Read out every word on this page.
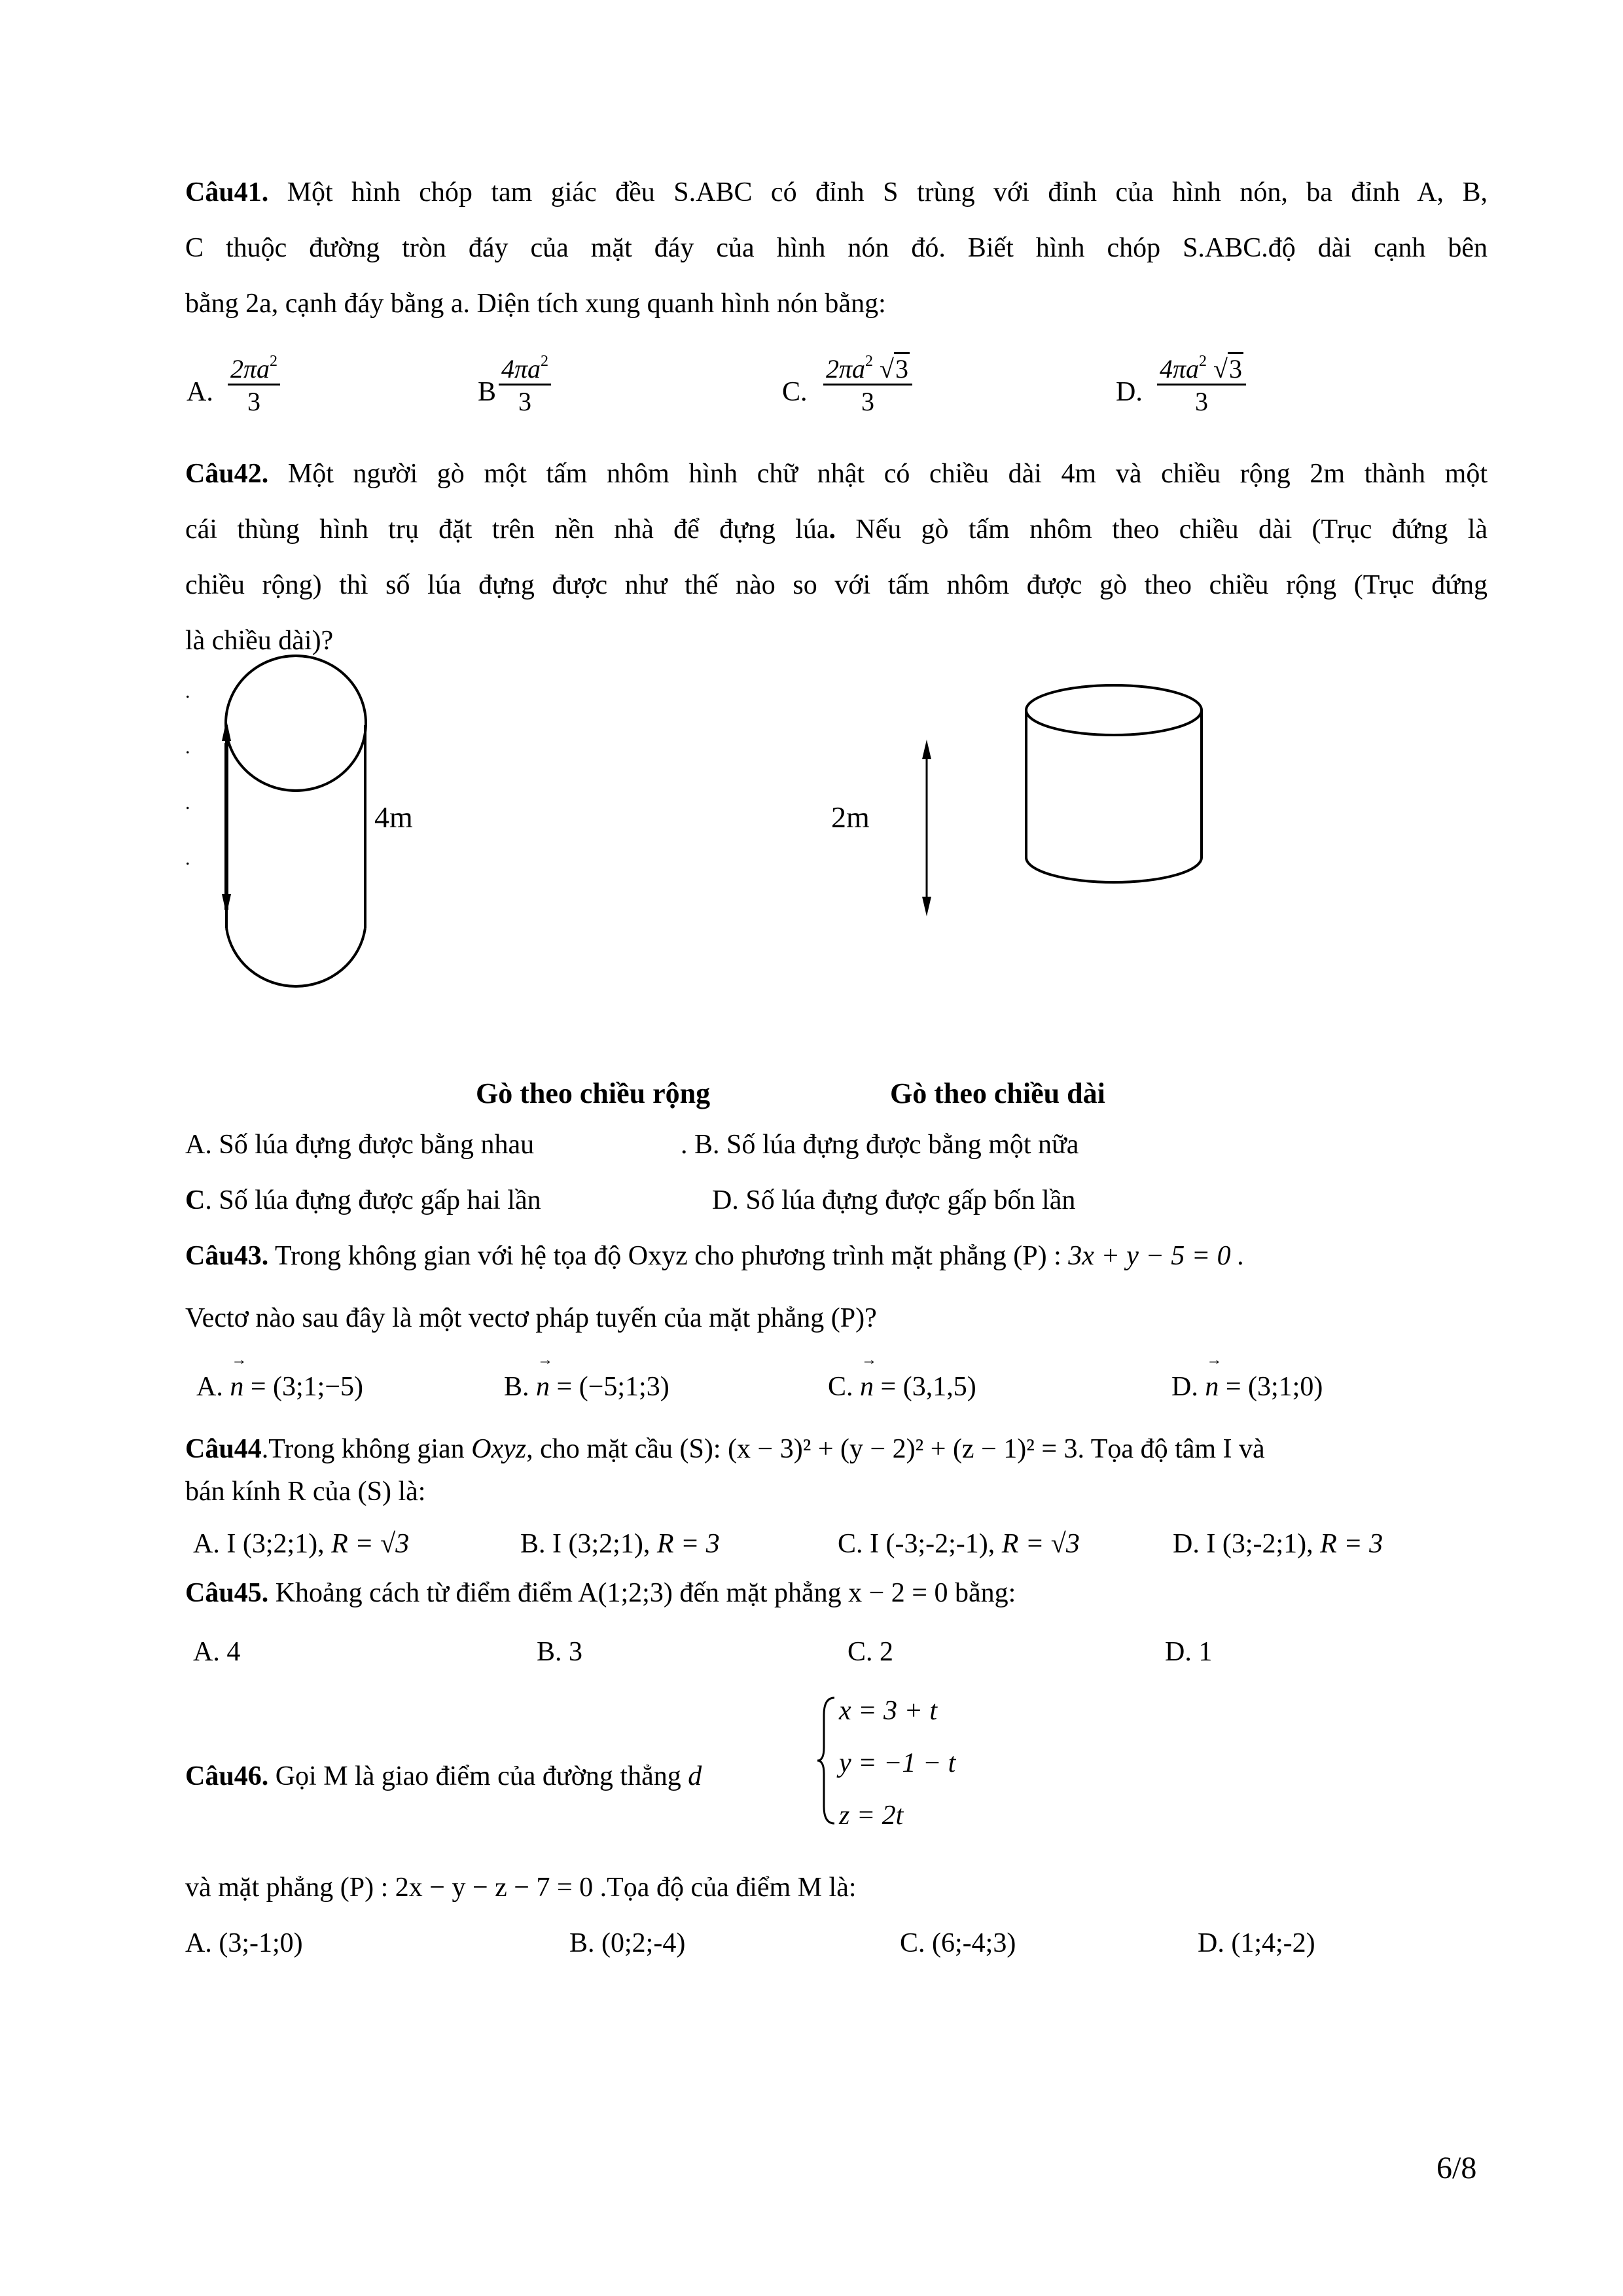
Câu41. Một hình chóp tam giác đều S.ABC có đỉnh S trùng với đỉnh của hình nón, ba đỉnh A, B,
C thuộc đường tròn đáy của mặt đáy của hình nón đó. Biết hình chóp S.ABC.độ dài cạnh bên
bằng 2a, cạnh đáy bằng a. Diện tích xung quanh hình nón bằng:
A.
$2\pi a^2$
3	B
$4\pi a^2$
3	C.
$2\pi a^2$ √3
3	D.
$4\pi a^2$ √3
3
Câu42. Một người gò một tấm nhôm hình chữ nhật có chiều dài 4m và chiều rộng 2m thành một
cái thùng hình trụ đặt trên nền nhà để đựng lúa. Nếu gò tấm nhôm theo chiều dài (Trục đứng là
chiều rộng) thì số lúa đựng được như thế nào so với tấm nhôm được gò theo chiều rộng (Trục đứng
là chiều dài)?
.
.
.
.
4m	2m
Gò theo chiều rộng	Gò theo chiều dài
A. Số lúa đựng được bằng nhau	. B. Số lúa đựng được bằng một nữa
C. Số lúa đựng được gấp hai lần	D. Số lúa đựng được gấp bốn lần
Câu43. Trong không gian với hệ tọa độ Oxyz cho phương trình mặt phẳng (P) : 3x + y − 5 = 0 .
Vectơ nào sau đây là một vectơ pháp tuyến của mặt phẳng (P)?
A. → n = (3;1;−5)	B. → n = (−5;1;3)	C. → n = (3,1,5)	D. → n = (3;1;0)
Câu44.Trong không gian Oxyz, cho mặt cầu (S): (x − 3)² + (y − 2)² + (z − 1)² = 3. Tọa độ tâm I và
bán kính R của (S) là:
A. I (3;2;1), R = √3	B. I (3;2;1), R = 3	C. I (-3;-2;-1), R = √3	D. I (3;-2;1), R = 3
Câu45. Khoảng cách từ điểm điểm A(1;2;3) đến mặt phẳng x − 2 = 0 bằng:
A. 4	B. 3	C. 2	D. 1
Câu46. Gọi M là giao điểm của đường thẳng d
x = 3 + t
y = −1 − t
z = 2t
và mặt phẳng (P) : 2x − y − z − 7 = 0 .Tọa độ của điểm M là:
A. (3;-1;0)	B. (0;2;-4)	C. (6;-4;3)	D. (1;4;-2)
6/8
